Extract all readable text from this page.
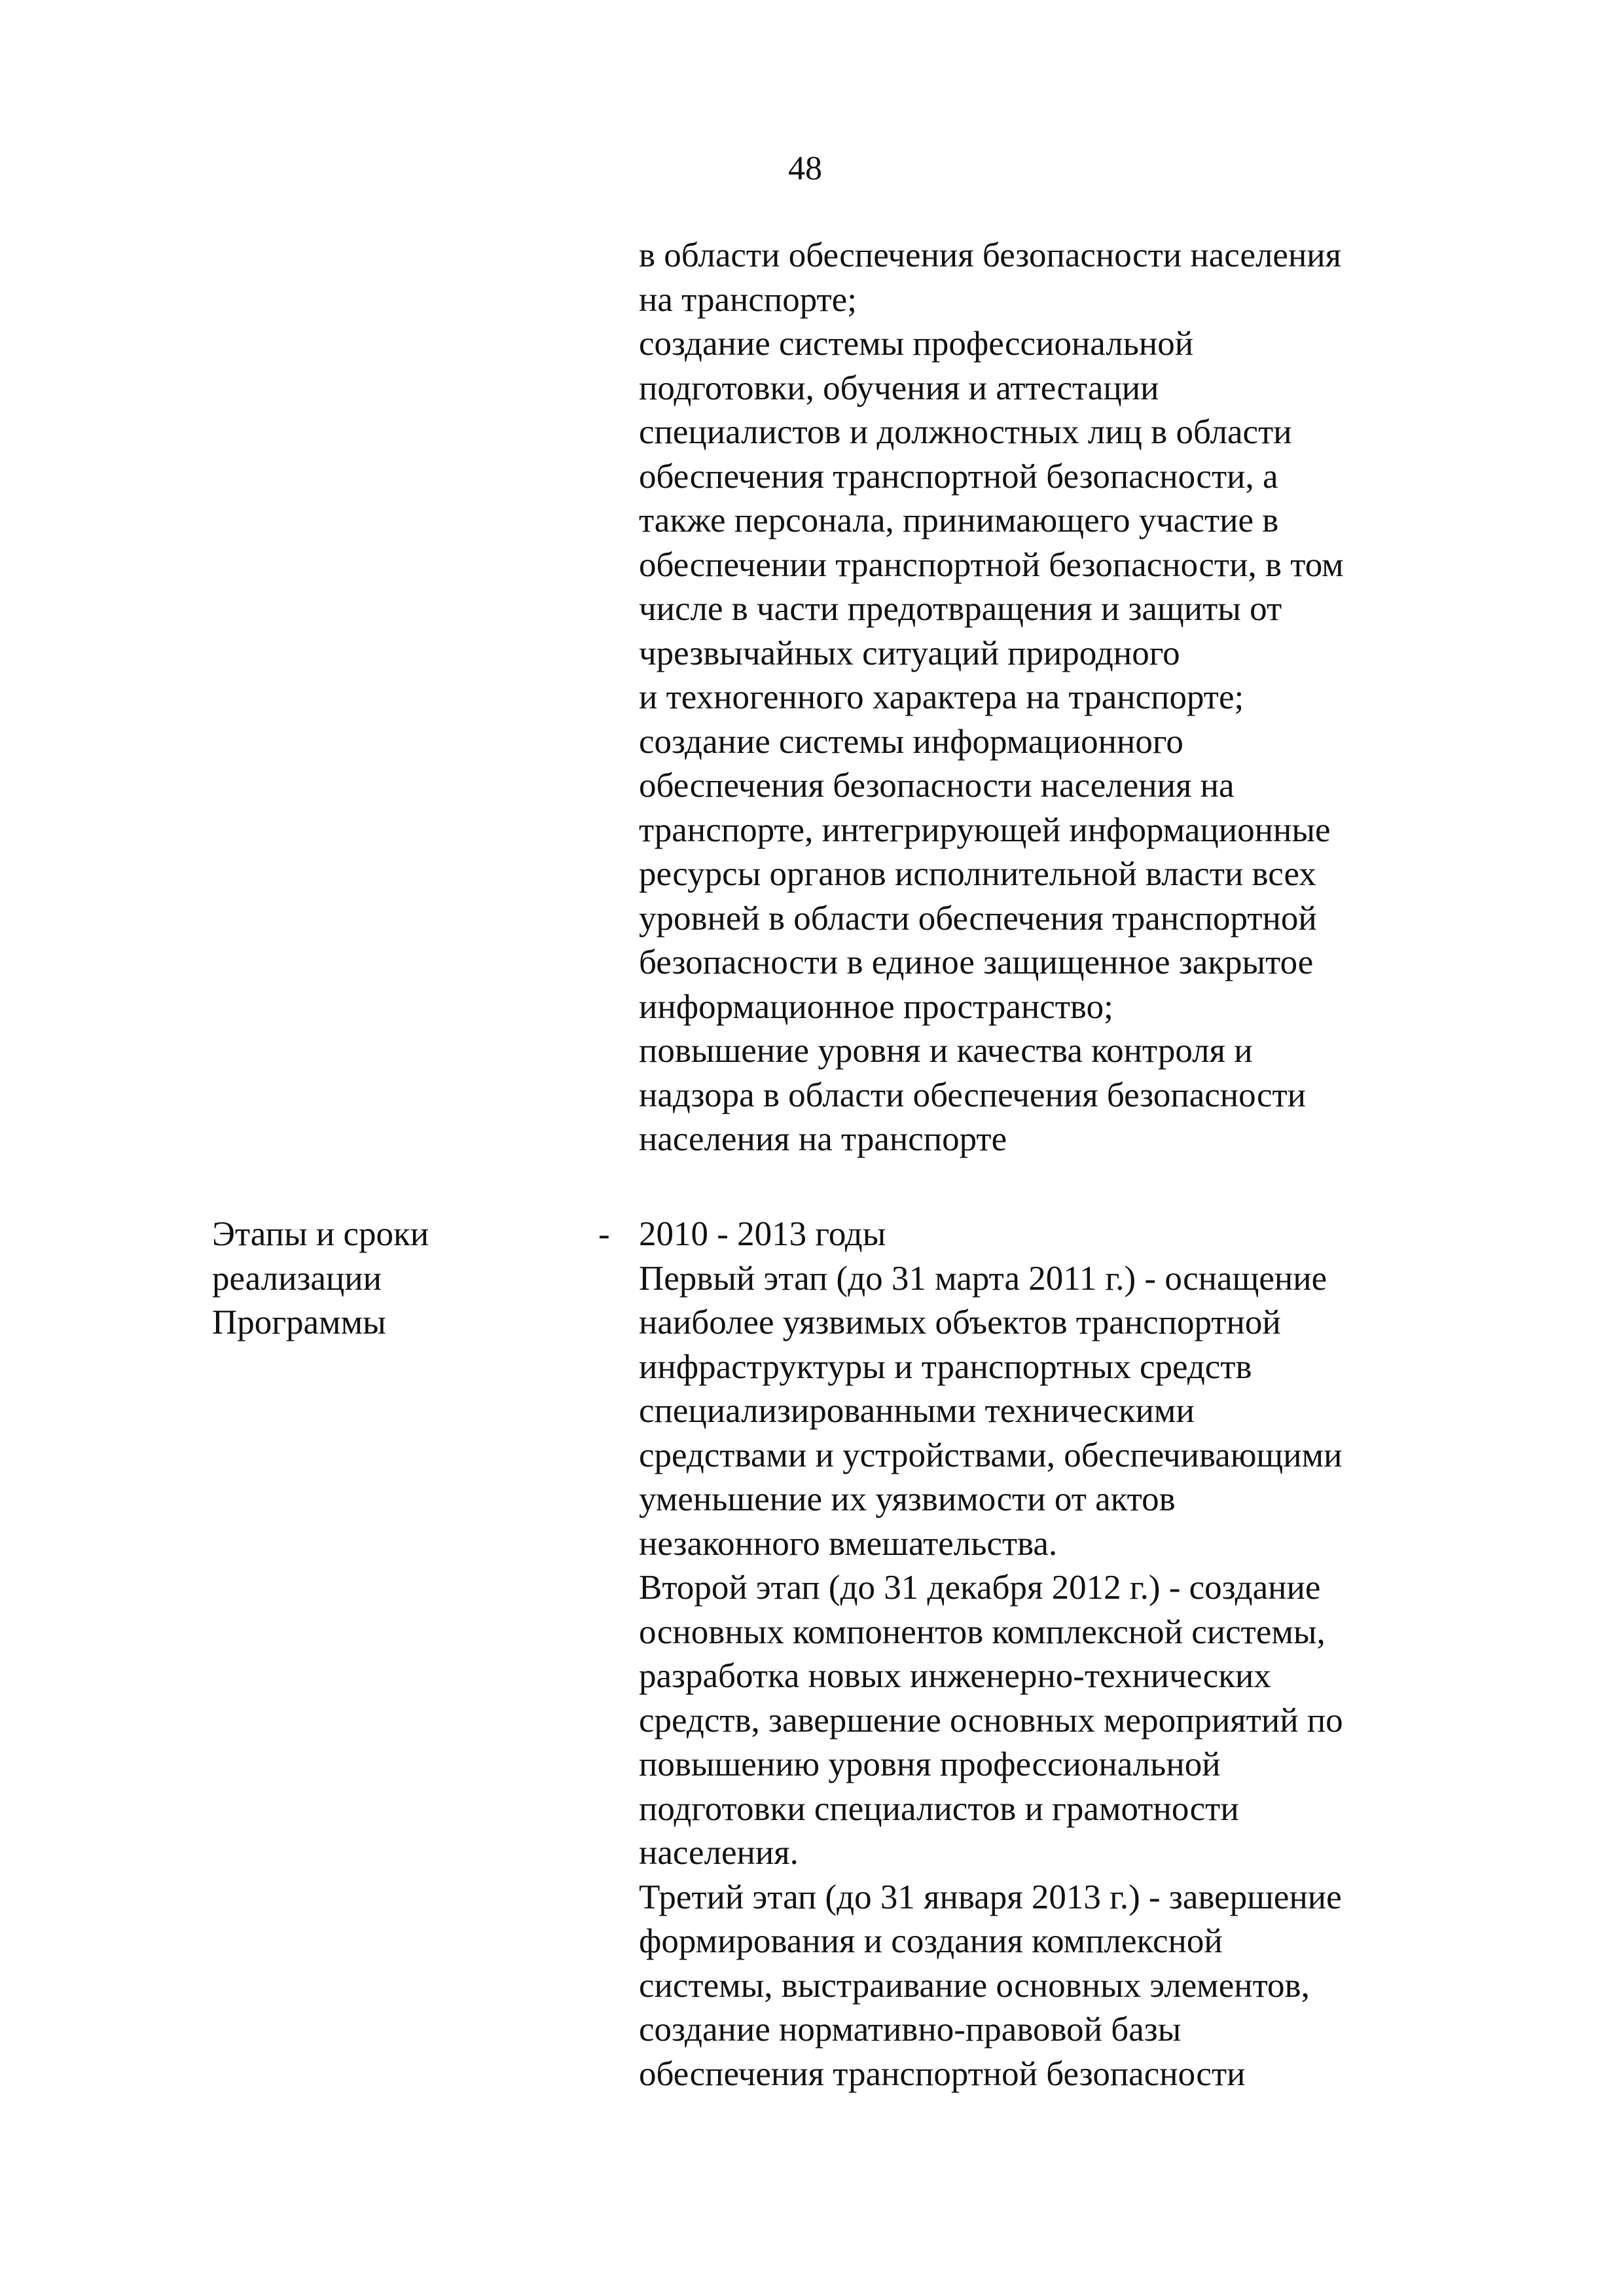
48
в области обеспечения безопасности населения
на транспорте;
создание системы профессиональной
подготовки, обучения и аттестации
специалистов и должностных лиц в области
обеспечения транспортной безопасности, а
также персонала, принимающего участие в
обеспечении транспортной безопасности, в том
числе в части предотвращения и защиты от
чрезвычайных ситуаций природного
и техногенного характера на транспорте;
создание системы информационного
обеспечения безопасности населения на
транспорте, интегрирующей информационные
ресурсы органов исполнительной власти всех
уровней в области обеспечения транспортной
безопасности в единое защищенное закрытое
информационное пространство;
повышение уровня и качества контроля и
надзора в области обеспечения безопасности
населения на транспорте
Этапы и сроки
реализации
Программы
- 2010 - 2013 годы
Первый этап (до 31 марта 2011 г.) - оснащение
наиболее уязвимых объектов транспортной
инфраструктуры и транспортных средств
специализированными техническими
средствами и устройствами, обеспечивающими
уменьшение их уязвимости от актов
незаконного вмешательства.
Второй этап (до 31 декабря 2012 г.) - создание
основных компонентов комплексной системы,
разработка новых инженерно-технических
средств, завершение основных мероприятий по
повышению уровня профессиональной
подготовки специалистов и грамотности
населения.
Третий этап (до 31 января 2013 г.) - завершение
формирования и создания комплексной
системы, выстраивание основных элементов,
создание нормативно-правовой базы
обеспечения транспортной безопасности
